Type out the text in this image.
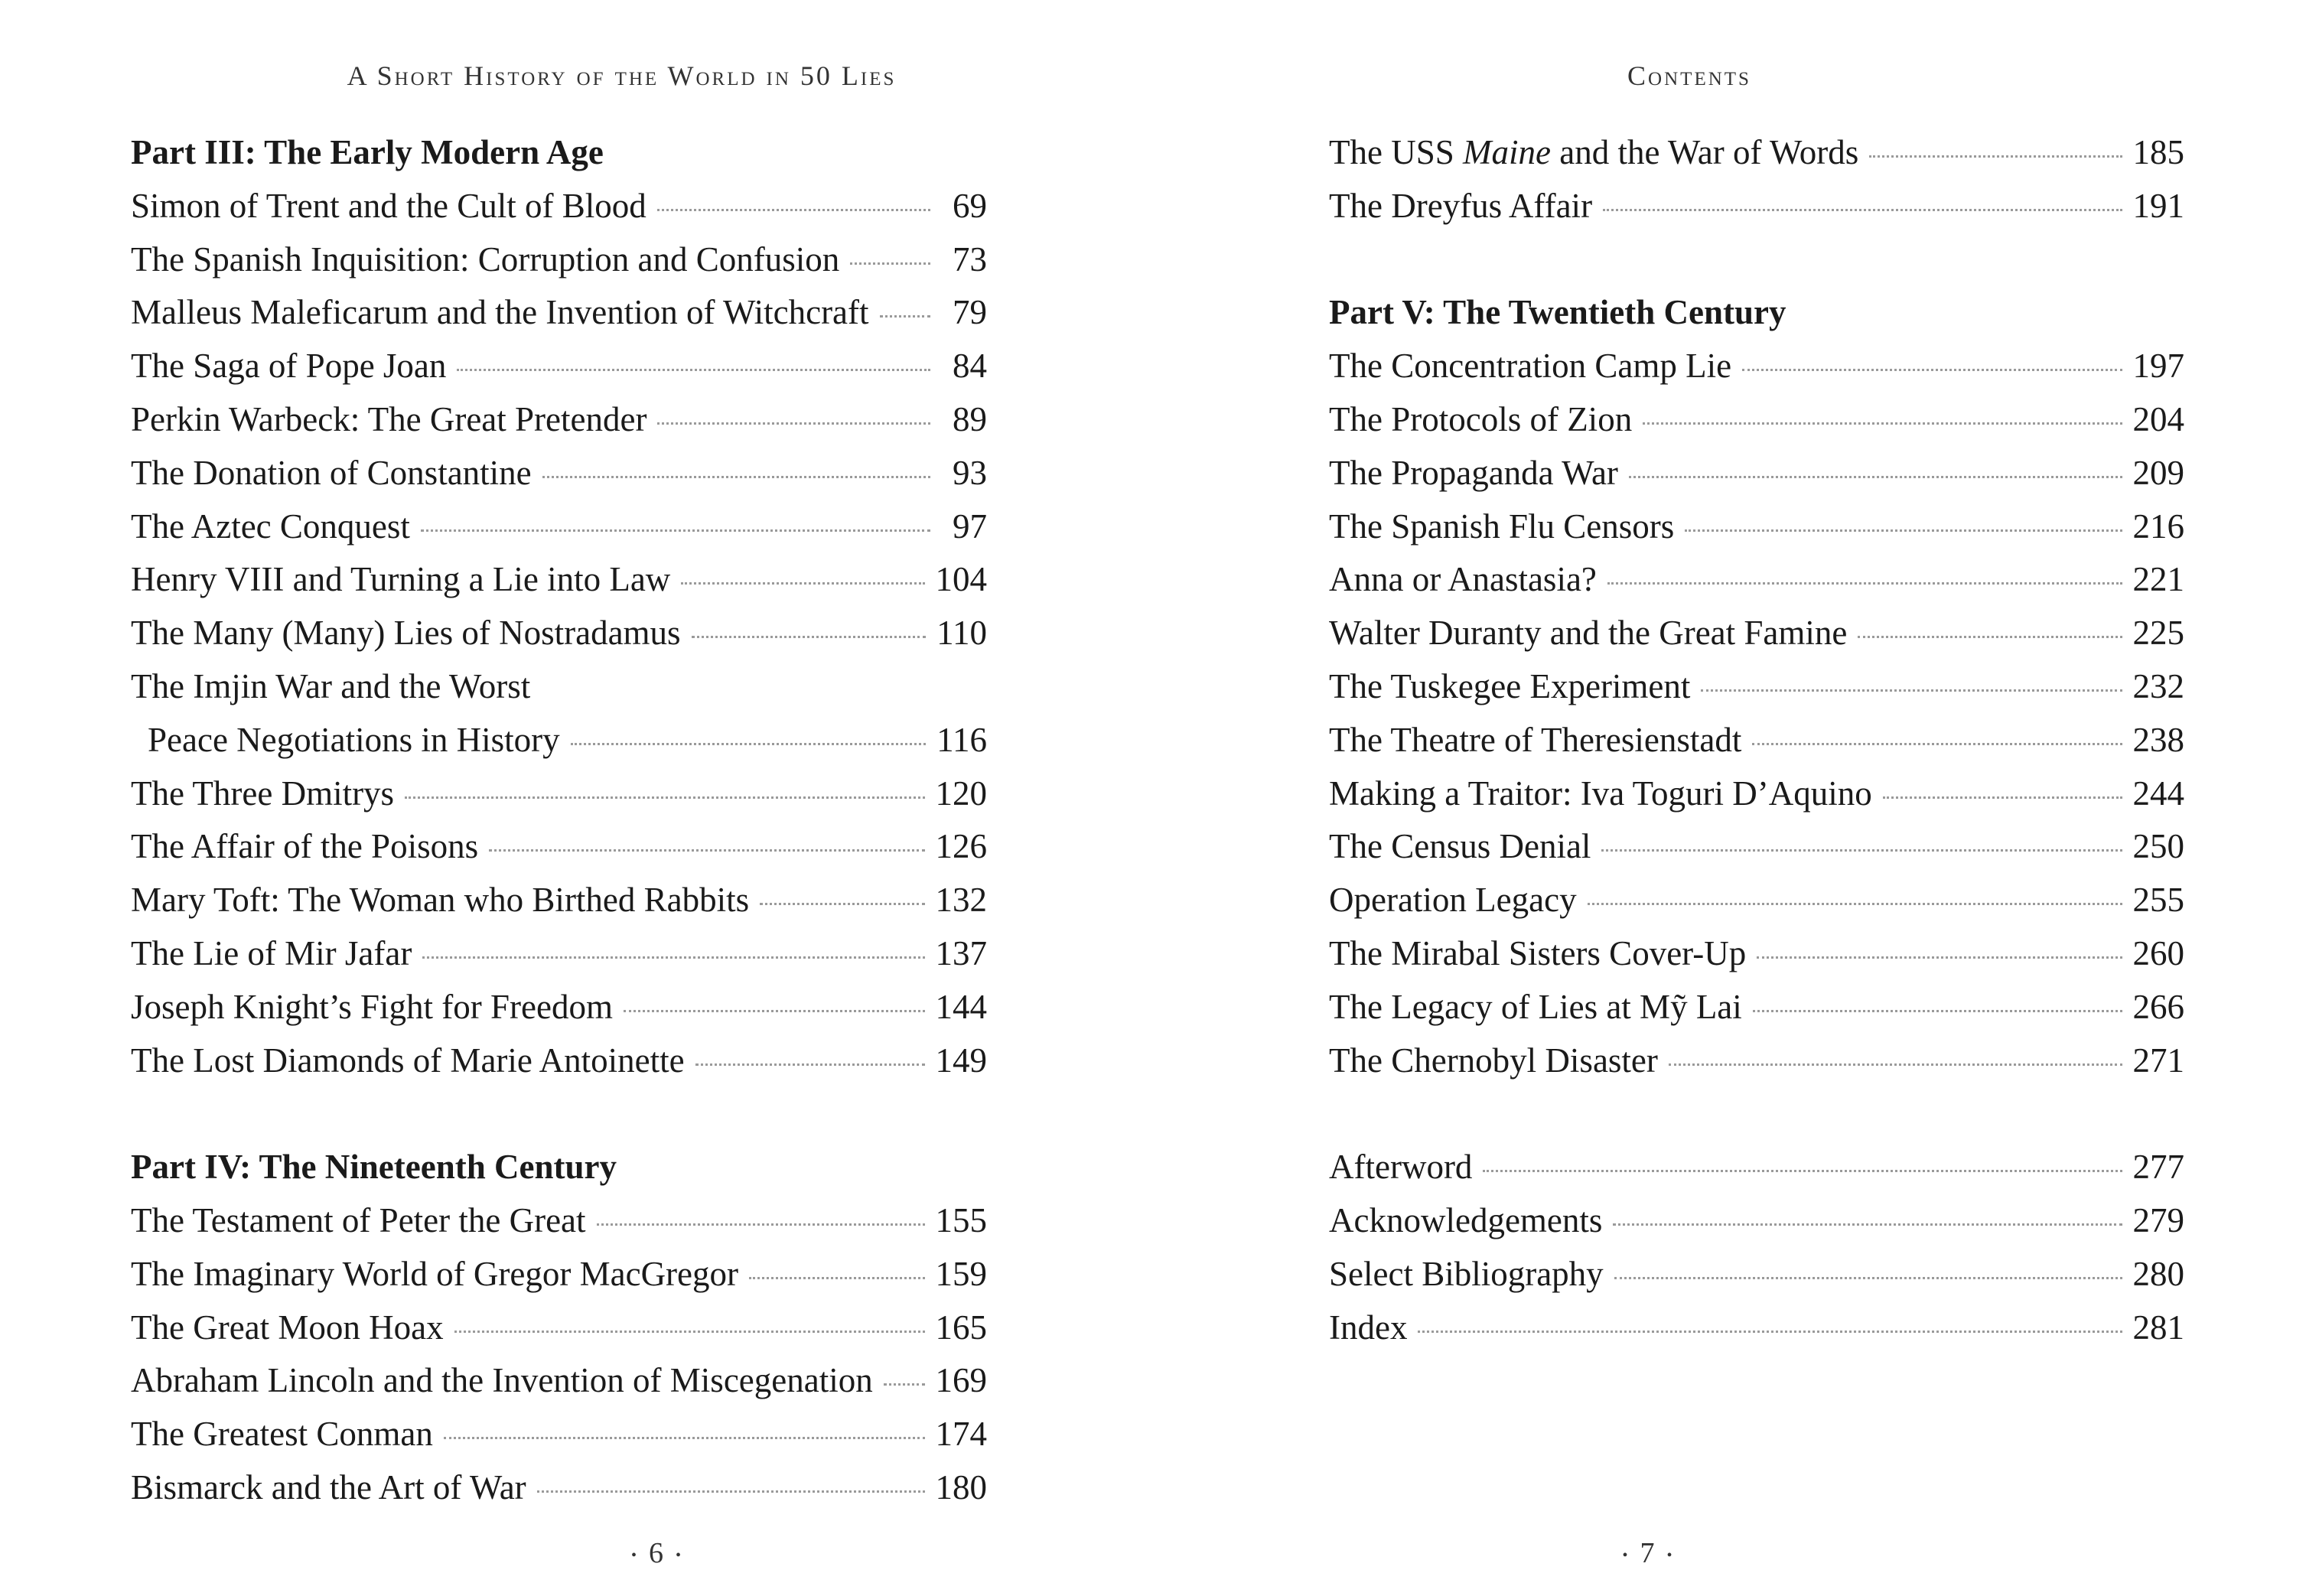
A Short History of the World in 50 Lies
Part III: The Early Modern Age
Simon of Trent and the Cult of Blood	69
The Spanish Inquisition: Corruption and Confusion	73
Malleus Maleficarum and the Invention of Witchcraft	79
The Saga of Pope Joan	84
Perkin Warbeck: The Great Pretender	89
The Donation of Constantine	93
The Aztec Conquest	97
Henry VIII and Turning a Lie into Law	104
The Many (Many) Lies of Nostradamus	110
The Imjin War and the Worst
Peace Negotiations in History	116
The Three Dmitrys	120
The Affair of the Poisons	126
Mary Toft: The Woman who Birthed Rabbits	132
The Lie of Mir Jafar	137
Joseph Knight’s Fight for Freedom	144
The Lost Diamonds of Marie Antoinette	149
Part IV: The Nineteenth Century
The Testament of Peter the Great	155
The Imaginary World of Gregor MacGregor	159
The Great Moon Hoax	165
Abraham Lincoln and the Invention of Miscegenation 169
The Greatest Conman	174
Bismarck and the Art of War	180
• 6 •
Contents
The USS Maine and the War of Words	185
The Dreyfus Affair	191
Part V: The Twentieth Century
The Concentration Camp Lie	197
The Protocols of Zion	204
The Propaganda War	209
The Spanish Flu Censors	216
Anna or Anastasia?	221
Walter Duranty and the Great Famine	225
The Tuskegee Experiment	232
The Theatre of Theresienstadt	238
Making a Traitor: Iva Toguri D’Aquino	244
The Census Denial	250
Operation Legacy	255
The Mirabal Sisters Cover-Up	260
The Legacy of Lies at Mỹ Lai	266
The Chernobyl Disaster	271
Afterword	277
Acknowledgements	279
Select Bibliography	280
Index	281
• 7 •
